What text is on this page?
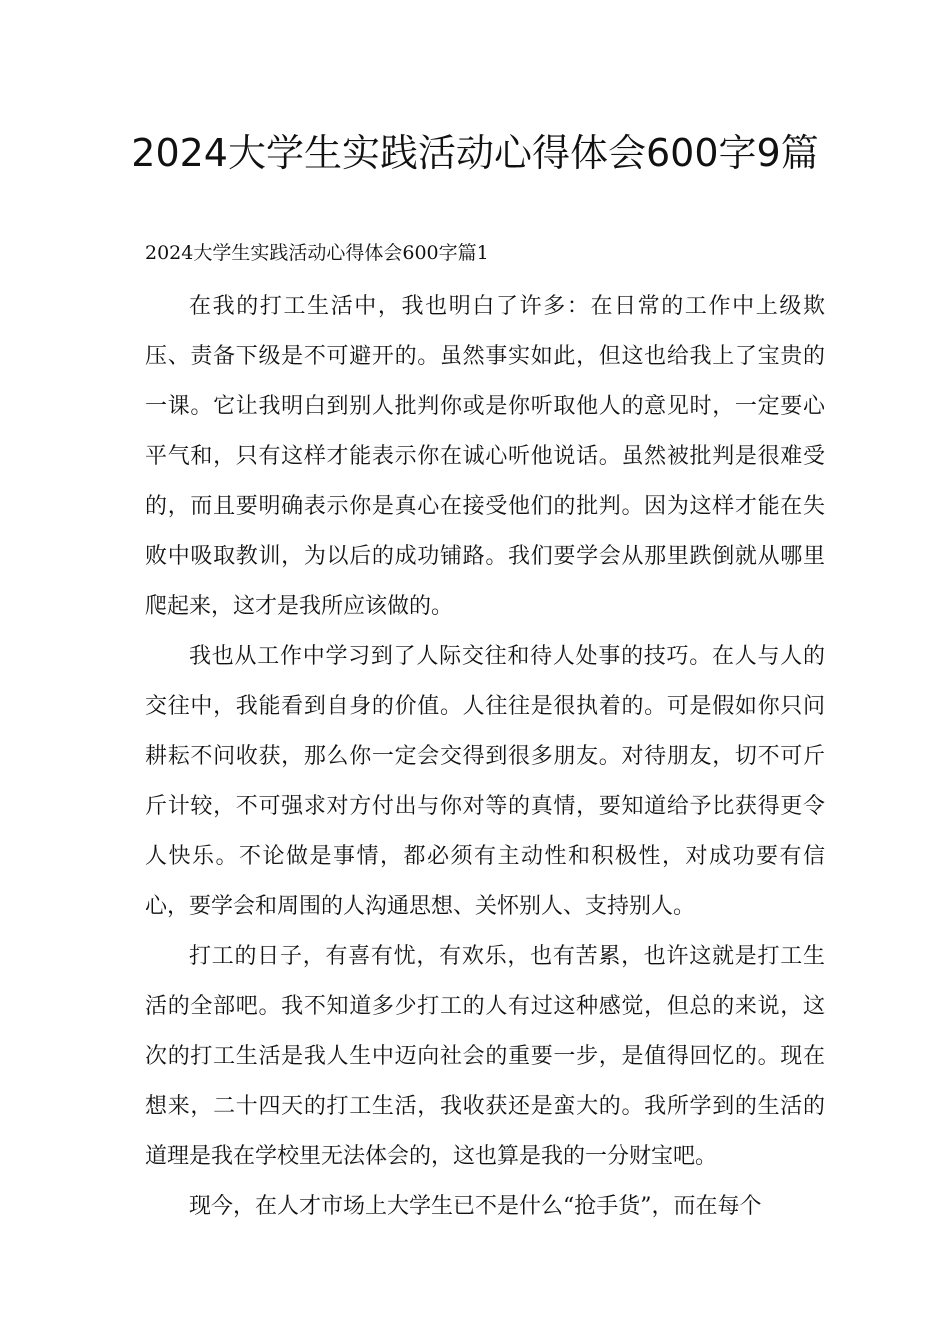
2024大学生实践活动心得体会600字9篇

2024大学生实践活动心得体会600字篇1

在我的打工生活中，我也明白了许多：在日常的工作中上级欺压、责备下级是不可避开的。虽然事实如此，但这也给我上了宝贵的一课。它让我明白到别人批判你或是你听取他人的意见时，一定要心平气和，只有这样才能表示你在诚心听他说话。虽然被批判是很难受的，而且要明确表示你是真心在接受他们的批判。因为这样才能在失败中吸取教训，为以后的成功铺路。我们要学会从那里跌倒就从哪里爬起来，这才是我所应该做的。

我也从工作中学习到了人际交往和待人处事的技巧。在人与人的交往中，我能看到自身的价值。人往往是很执着的。可是假如你只问耕耘不问收获，那么你一定会交得到很多朋友。对待朋友，切不可斤斤计较，不可强求对方付出与你对等的真情，要知道给予比获得更令人快乐。不论做是事情，都必须有主动性和积极性，对成功要有信心，要学会和周围的人沟通思想、关怀别人、支持别人。

打工的日子，有喜有忧，有欢乐，也有苦累，也许这就是打工生活的全部吧。我不知道多少打工的人有过这种感觉，但总的来说，这次的打工生活是我人生中迈向社会的重要一步，是值得回忆的。现在想来，二十四天的打工生活，我收获还是蛮大的。我所学到的生活的道理是我在学校里无法体会的，这也算是我的一分财宝吧。

现今，在人才市场上大学生已不是什么“抢手货”，而在每个
